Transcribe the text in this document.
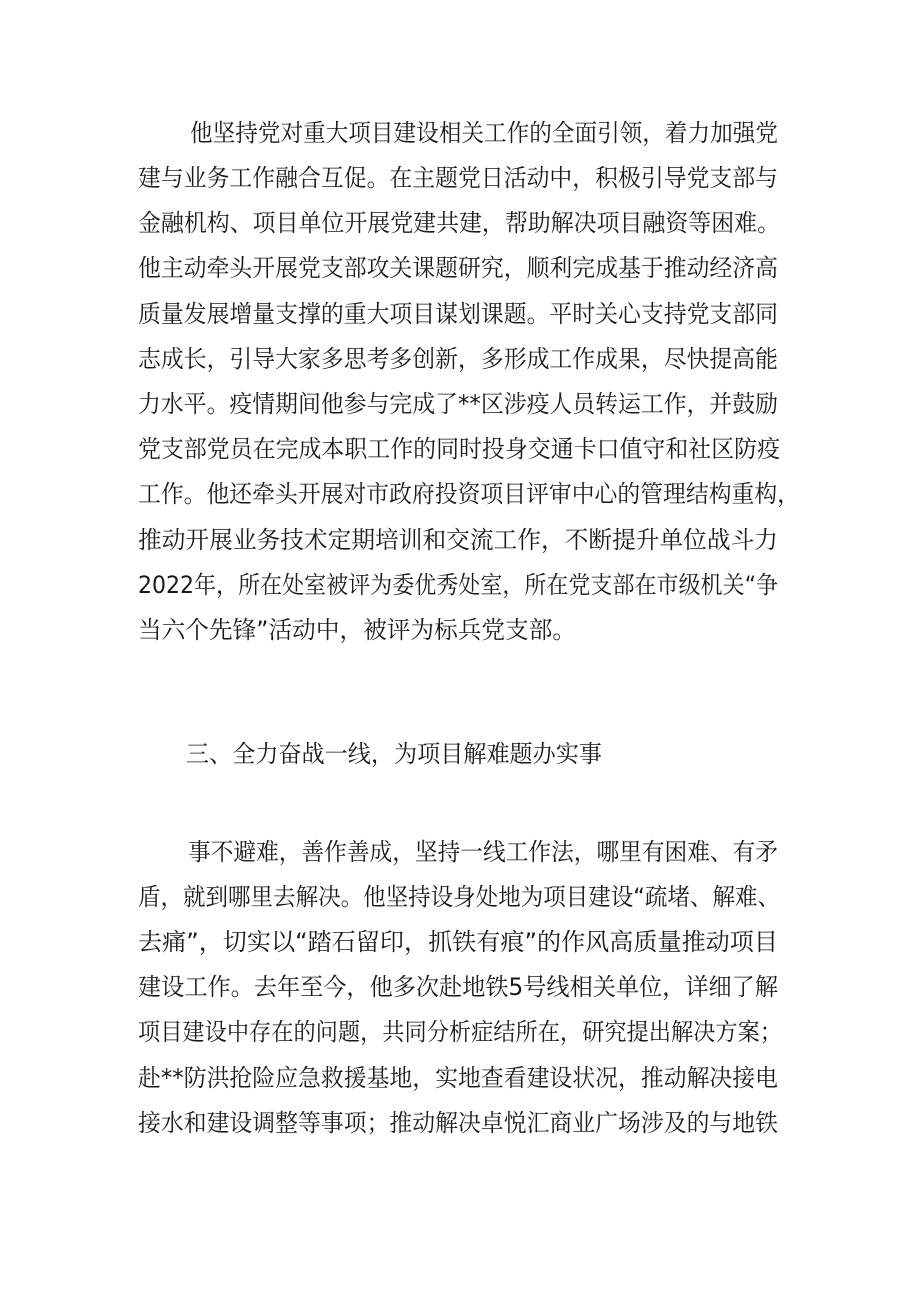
他坚持党对重大项目建设相关工作的全面引领，着力加强党
建与业务工作融合互促。在主题党日活动中，积极引导党支部与
金融机构、项目单位开展党建共建，帮助解决项目融资等困难。
他主动牵头开展党支部攻关课题研究，顺利完成基于推动经济高
质量发展增量支撑的重大项目谋划课题。平时关心支持党支部同
志成长，引导大家多思考多创新，多形成工作成果，尽快提高能
力水平。疫情期间他参与完成了**区涉疫人员转运工作，并鼓励
党支部党员在完成本职工作的同时投身交通卡口值守和社区防疫
工作。他还牵头开展对市政府投资项目评审中心的管理结构重构，
推动开展业务技术定期培训和交流工作，不断提升单位战斗力
2022年，所在处室被评为委优秀处室，所在党支部在市级机关“争
当六个先锋”活动中，被评为标兵党支部。
三、全力奋战一线，为项目解难题办实事
事不避难，善作善成，坚持一线工作法，哪里有困难、有矛
盾，就到哪里去解决。他坚持设身处地为项目建设“疏堵、解难、
去痛”，切实以“踏石留印，抓铁有痕”的作风高质量推动项目
建设工作。去年至今，他多次赴地铁5号线相关单位，详细了解
项目建设中存在的问题，共同分析症结所在，研究提出解决方案；
赴**防洪抢险应急救援基地，实地查看建设状况，推动解决接电
接水和建设调整等事项；推动解决卓悦汇商业广场涉及的与地铁
